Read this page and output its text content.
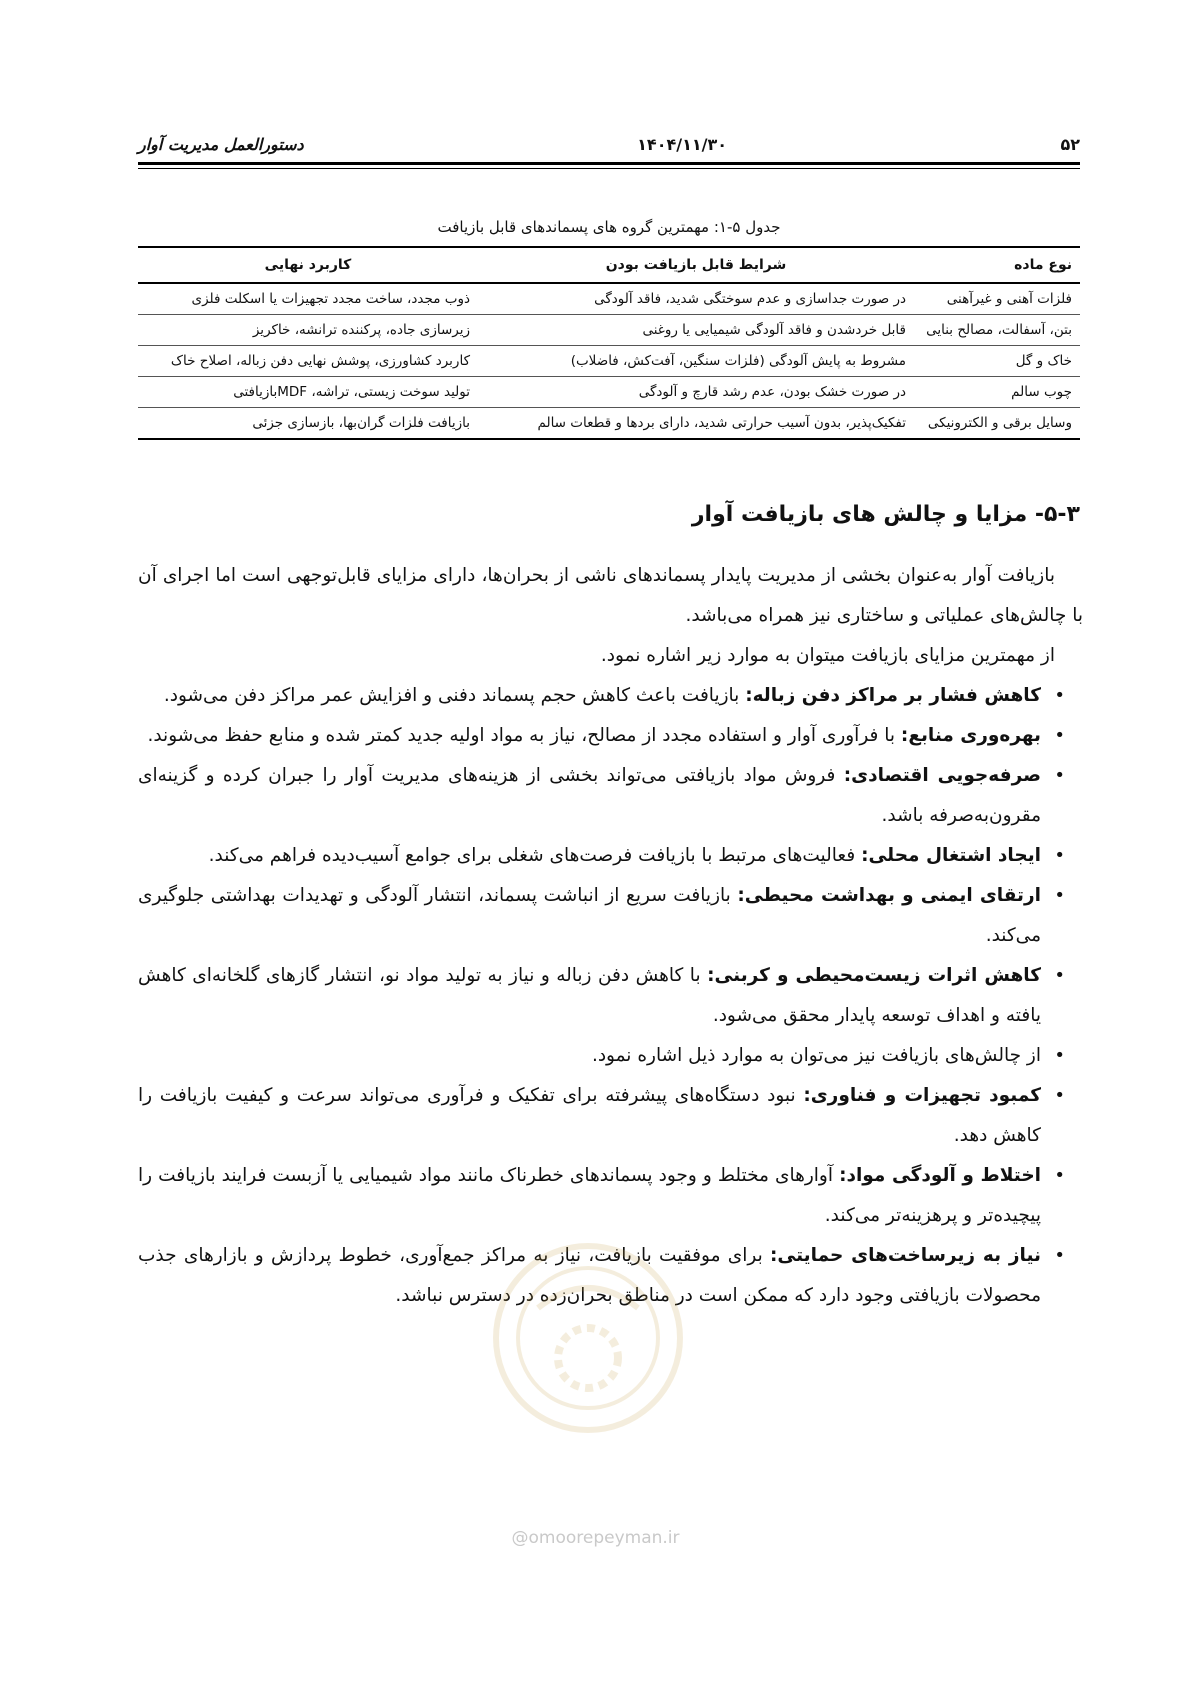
۵۲
۱۴۰۴/۱۱/۳۰
دستورالعمل مدیریت آوار
جدول ۵-۱: مهمترین گروه های پسماندهای قابل بازیافت
نوع ماده	شرایط قابل بازیافت بودن	کاربرد نهایی
فلزات آهنی و غیرآهنی	در صورت جداسازی و عدم سوختگی شدید، فاقد آلودگی	ذوب مجدد، ساخت مجدد تجهیزات یا اسکلت فلزی
بتن، آسفالت، مصالح بنایی	قابل خردشدن و فاقد آلودگی شیمیایی یا روغنی	زیرسازی جاده، پرکننده ترانشه، خاکریز
خاک و گل	مشروط به پایش آلودگی (فلزات سنگین، آفت‌کش، فاضلاب)	کاربرد کشاورزی، پوشش نهایی دفن زباله، اصلاح خاک
چوب سالم	در صورت خشک بودن، عدم رشد قارچ و آلودگی	تولید سوخت زیستی، تراشه، MDFبازیافتی
وسایل برقی و الکترونیکی	تفکیک‌پذیر، بدون آسیب حرارتی شدید، دارای بردها و قطعات سالم	بازیافت فلزات گران‌بها، بازسازی جزئی
۵-۳- مزایا و چالش های بازیافت آوار

بازیافت آوار به‌عنوان بخشی از مدیریت پایدار پسماندهای ناشی از بحران‌ها، دارای مزایای قابل‌توجهی است اما اجرای آن با چالش‌های عملیاتی و ساختاری نیز همراه می‌باشد.

از مهمترین مزایای بازیافت میتوان به موارد زیر اشاره نمود.

•
کاهش فشار بر مراکز دفن زباله: بازیافت باعث کاهش حجم پسماند دفنی و افزایش عمر مراکز دفن می‌شود.
•
بهره‌وری منابع: با فرآوری آوار و استفاده مجدد از مصالح، نیاز به مواد اولیه جدید کمتر شده و منابع حفظ می‌شوند.
•
صرفه‌جویی اقتصادی: فروش مواد بازیافتی می‌تواند بخشی از هزینه‌های مدیریت آوار را جبران کرده و گزینه‌ای مقرون‌به‌صرفه باشد.
•
ایجاد اشتغال محلی: فعالیت‌های مرتبط با بازیافت فرصت‌های شغلی برای جوامع آسیب‌دیده فراهم می‌کند.
•
ارتقای ایمنی و بهداشت محیطی: بازیافت سریع از انباشت پسماند، انتشار آلودگی و تهدیدات بهداشتی جلوگیری می‌کند.
•
کاهش اثرات زیست‌محیطی و کربنی: با کاهش دفن زباله و نیاز به تولید مواد نو، انتشار گازهای گلخانه‌ای کاهش یافته و اهداف توسعه پایدار محقق می‌شود.
•
از چالش‌های بازیافت نیز می‌توان به موارد ذیل اشاره نمود.
•
کمبود تجهیزات و فناوری: نبود دستگاه‌های پیشرفته برای تفکیک و فرآوری می‌تواند سرعت و کیفیت بازیافت را کاهش دهد.
•
اختلاط و آلودگی مواد: آوارهای مختلط و وجود پسماندهای خطرناک مانند مواد شیمیایی یا آزبست فرایند بازیافت را پیچیده‌تر و پرهزینه‌تر می‌کند.
•
نیاز به زیرساخت‌های حمایتی: برای موفقیت بازیافت، نیاز به مراکز جمع‌آوری، خطوط پردازش و بازارهای جذب محصولات بازیافتی وجود دارد که ممکن است در مناطق بحران‌زده در دسترس نباشد.
@omoorepeyman.ir
